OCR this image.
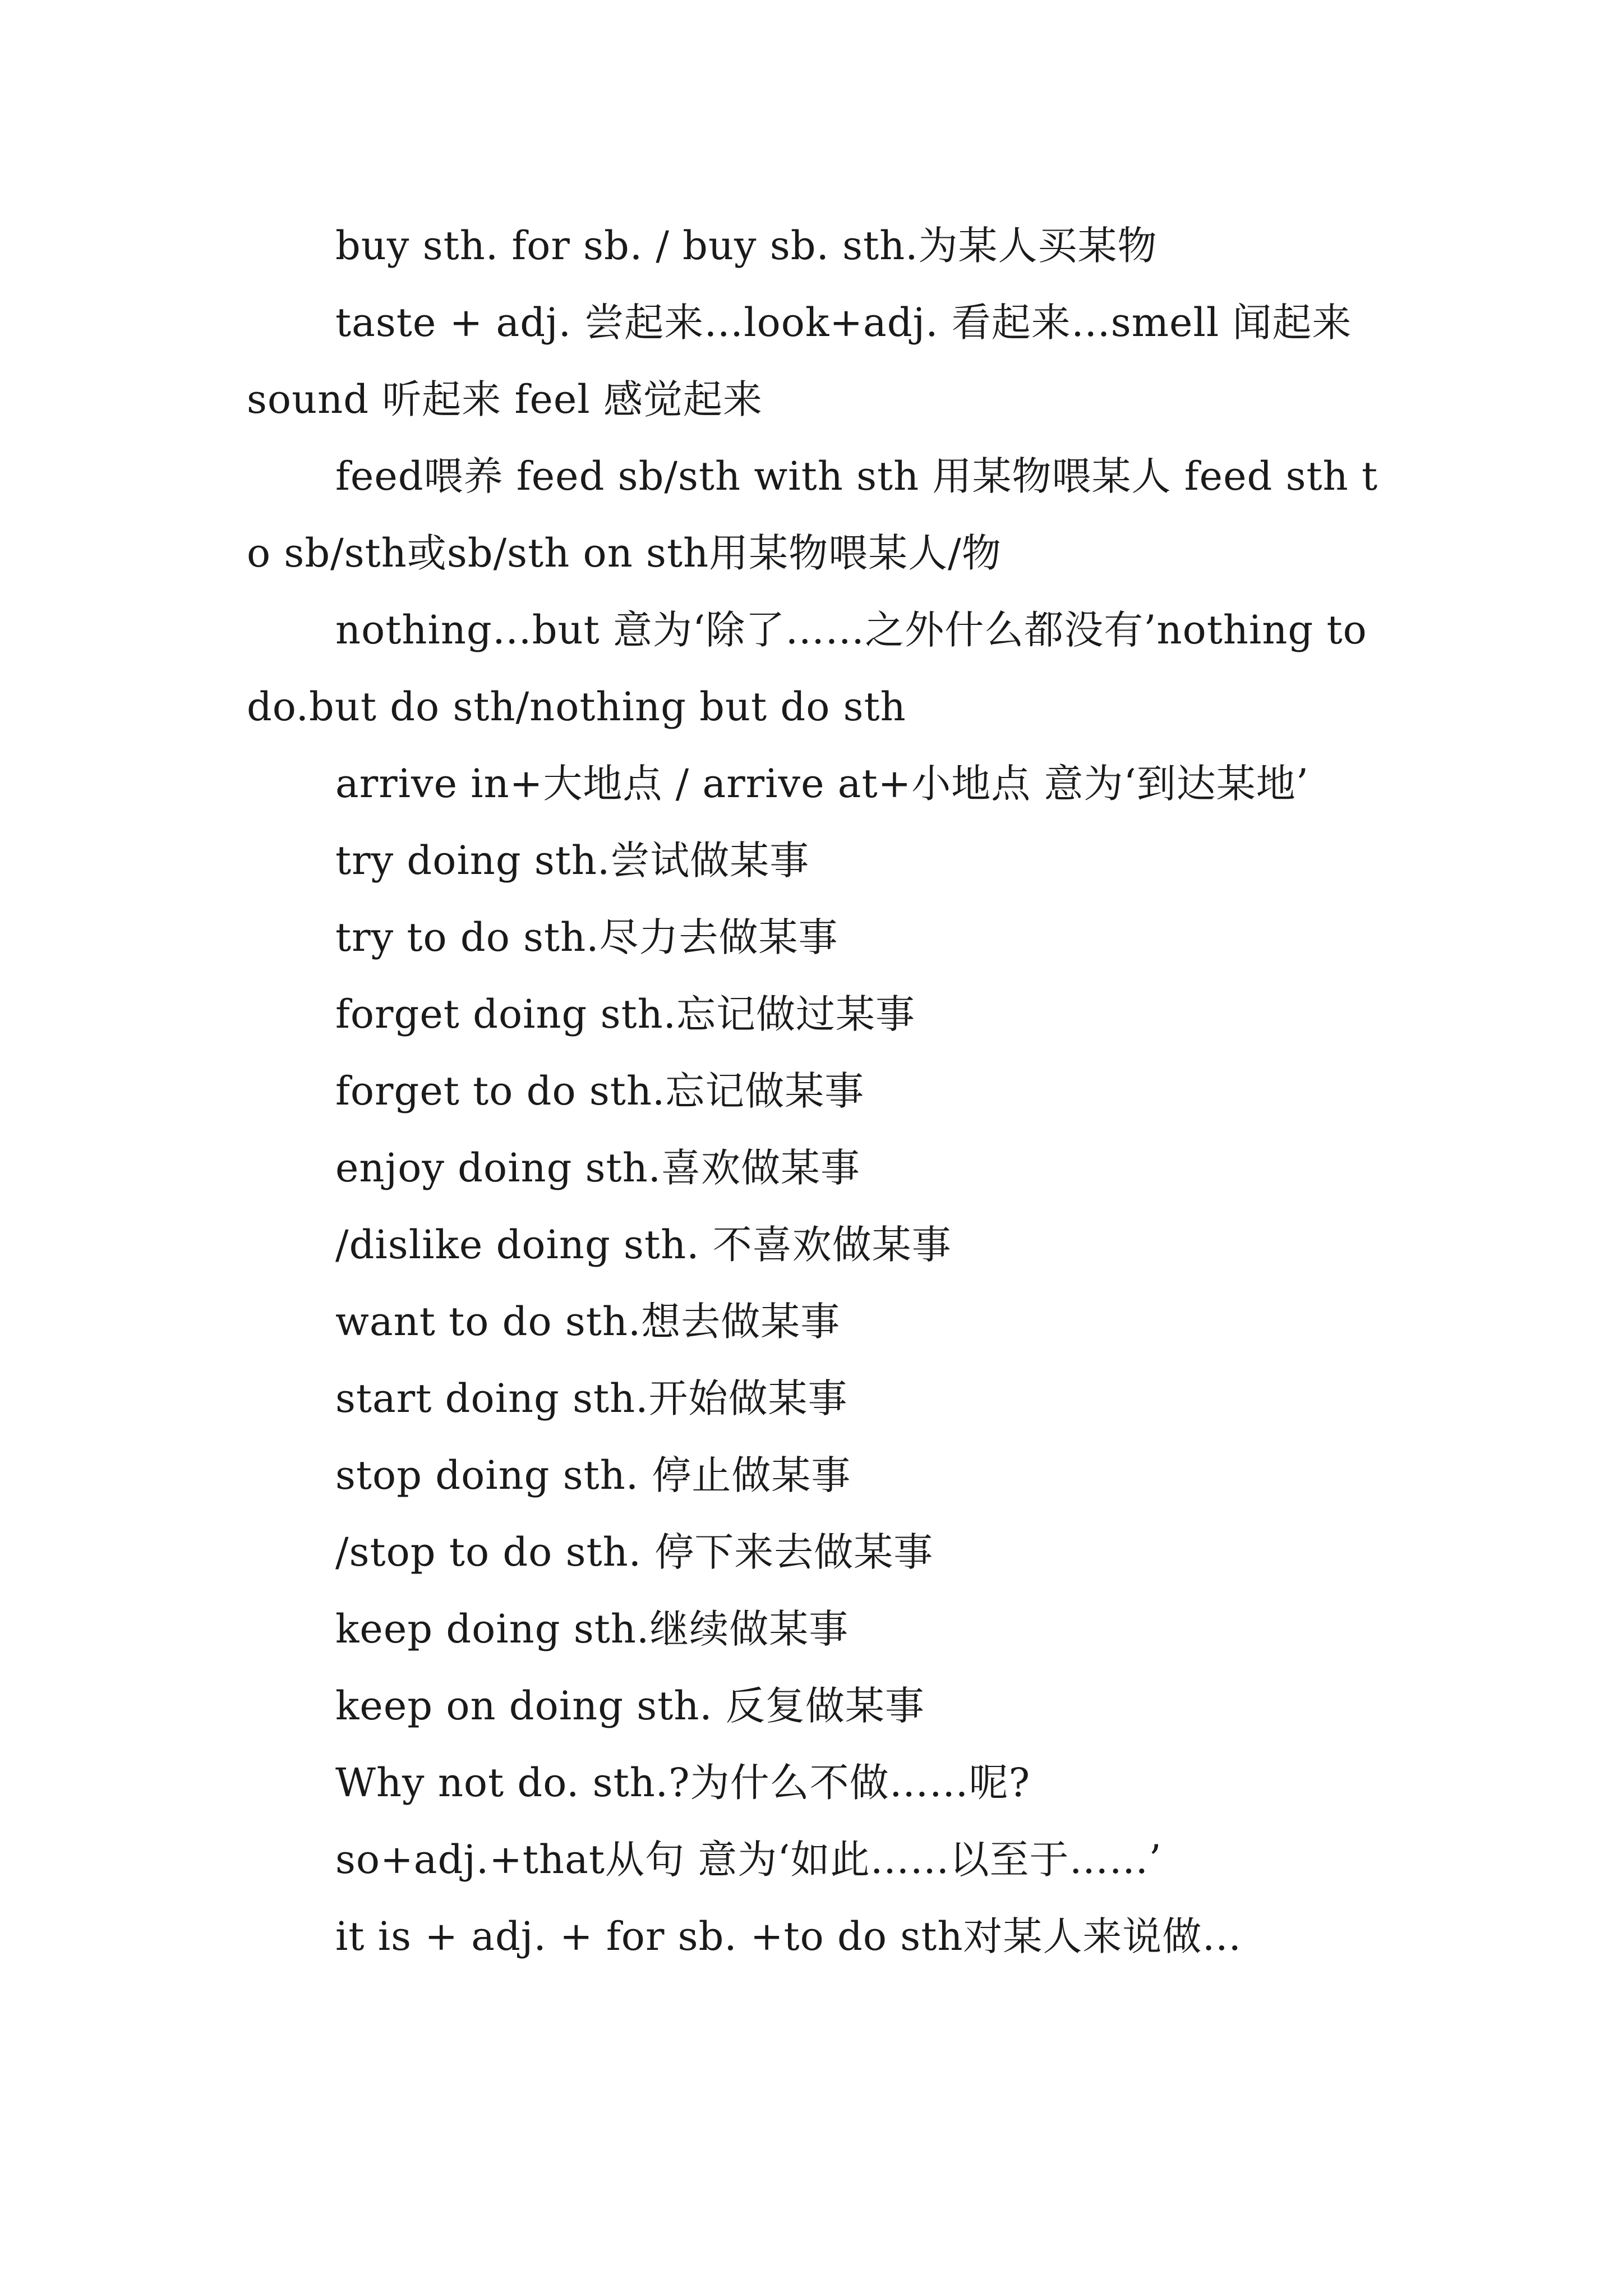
buy sth. for sb. / buy sb. sth.为某人买某物

taste + adj. 尝起来…look+adj. 看起来…smell 闻起来 sound 听起来 feel 感觉起来

feed喂养 feed sb/sth with sth 用某物喂某人 feed sth to sb/sth或sb/sth on sth用某物喂某人/物

nothing…but 意为‘除了……之外什么都没有’nothing to do.but do sth/nothing but do sth

arrive in+大地点 / arrive at+小地点 意为‘到达某地’

try doing sth.尝试做某事

try to do sth.尽力去做某事

forget doing sth.忘记做过某事

forget to do sth.忘记做某事

enjoy doing sth.喜欢做某事

/dislike doing sth. 不喜欢做某事

want to do sth.想去做某事

start doing sth.开始做某事

stop doing sth. 停止做某事

/stop to do sth. 停下来去做某事

keep doing sth.继续做某事

keep on doing sth. 反复做某事

Why not do. sth.?为什么不做……呢?

so+adj.+that从句 意为‘如此……以至于……’

it is + adj. + for sb. +to do sth对某人来说做…
